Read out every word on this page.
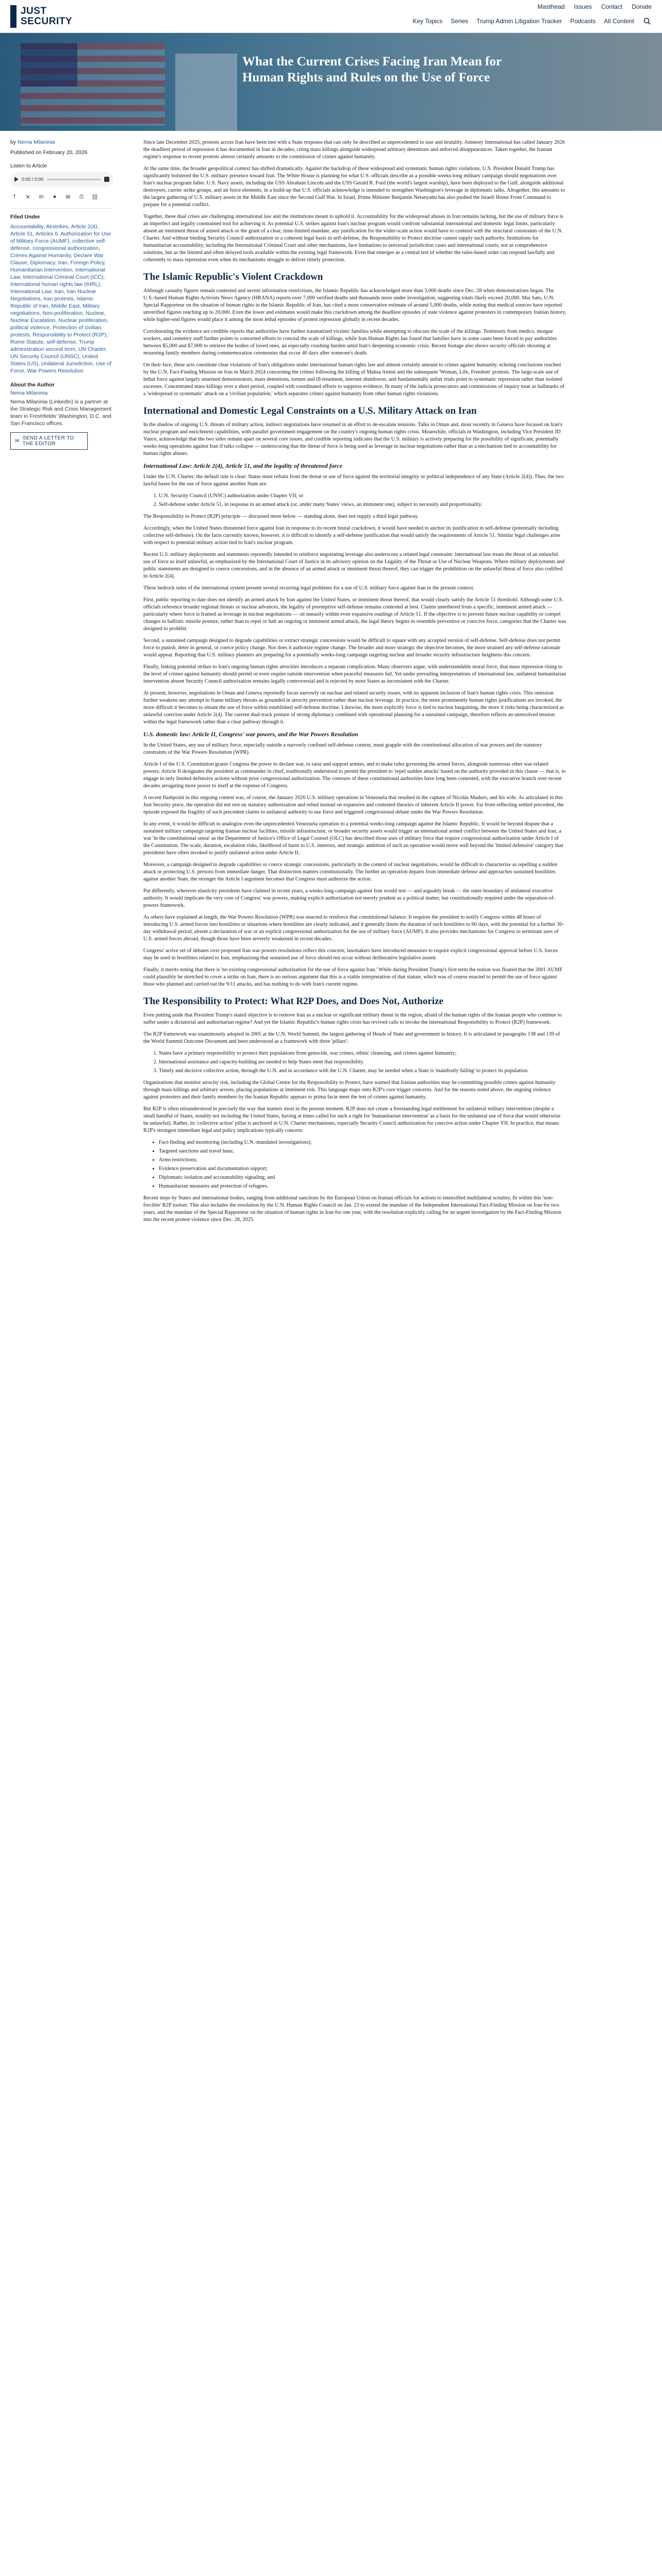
JUST SECURITY
Masthead Issues Contact Donate
Key Topics Series Trump Admin Litigation Tracker Podcasts All Content
What the Current Crises Facing Iran Mean for Human Rights and Rules on the Use of Force
by Nema Milaninia
Published on February 20, 2026
Listen to Article
0:00 / 0:00
f	✕	in	●	✉	⎙	⛓
Filed Under
Accountability, Airstrikes, Article 2(4), Article 51, Articles 6, Authorization for Use of Military Force (AUMF), collective self-defense, congressional authorization, Crimes Against Humanity, Declare War Clause, Diplomacy, Iran, Foreign Policy, Humanitarian Intervention, International Law, International Criminal Court (ICC), International human rights law (IHRL), International Law, Iran, Iran Nuclear Negotiations, Iran protests, Islamic Republic of Iran, Middle East, Military negotiations, Non-proliferation, Nuclear, Nuclear Escalation, Nuclear proliferation, political violence, Protection of civilian, protests, Responsibility to Protect (R2P), Rome Statute, self-defense, Trump administration second term, UN Charter, UN Security Council (UNSC), United States (US), Unilateral Jurisdiction, Use of Force, War Powers Resolution
About the Author
Nema Milaninia
Nema Milaninia (LinkedIn) is a partner at the Strategic Risk and Crisis Management team in Freshfields' Washington, D.C. and San Francisco offices.
✉ SEND A LETTER TO THE EDITOR

Since late December 2025, protests across Iran have been met with a State response that can only be described as unprecedented in size and brutality. Amnesty International has called January 2026 the deadliest period of repression it has documented in Iran in decades, citing mass killings alongside widespread arbitrary detentions and enforced disappearances. Taken together, the Iranian regime's response to recent protests almost certainly amounts to the commission of crimes against humanity.

At the same time, the broader geopolitical context has shifted dramatically. Against the backdrop of these widespread and systematic human rights violations, U.S. President Donald Trump has significantly bolstered the U.S. military presence toward Iran. The White House is planning for what U.S. officials describe as a possible weeks-long military campaign should negotiations over Iran's nuclear program falter. U.S. Navy assets, including the USS Abraham Lincoln and the USS Gerald R. Ford (the world's largest warship), have been deployed to the Gulf, alongside additional destroyers, carrier strike groups, and air force elements, in a build-up that U.S. officials acknowledge is intended to strengthen Washington's leverage in diplomatic talks. Altogether, this amounts to the largest gathering of U.S. military assets in the Middle East since the Second Gulf War. In Israel, Prime Minister Benjamin Netanyahu has also pushed the Israeli Home Front Command to prepare for a potential conflict.

Together, these dual crises are challenging international law and the institutions meant to uphold it. Accountability for the widespread abuses in Iran remains lacking, but the use of military force is an imperfect and legally constrained tool for achieving it. As potential U.S. strikes against Iran's nuclear program would confront substantial international and domestic legal limits, particularly absent an imminent threat of armed attack or the grant of a clear, time-limited mandate, any justification for the wider-scale action would have to contend with the structural constraints of the U.N. Charter. And without binding Security Council authorization or a coherent legal basis in self-defense, the Responsibility to Protect doctrine cannot supply such authority. Institutions for humanitarian accountability, including the International Criminal Court and other mechanisms, face limitations to universal jurisdiction cases and international courts, not as comprehensive solutions, but as the limited and often delayed tools available within the existing legal framework. Even that emerges as a central test of whether the rules-based order can respond lawfully and coherently to mass repression even when its mechanisms struggle to deliver timely protection.

The Islamic Republic's Violent Crackdown

Although casualty figures remain contested and severe information restrictions, the Islamic Republic has acknowledged more than 3,000 deaths since Dec. 28 when demonstrations began. The U.S.-based Human Rights Activists News Agency (HRANA) reports over 7,000 verified deaths and thousands more under investigation, suggesting totals likely exceed 20,000. Mai Sato, U.N. Special Rapporteur on the situation of human rights in the Islamic Republic of Iran, has cited a more conservative estimate of around 5,000 deaths, while noting that medical sources have reported unverified figures reaching up to 20,000. Even the lower and estimates would make this crackdown among the deadliest episodes of state violence against protesters in contemporary Iranian history, while higher-end figures would place it among the most lethal episodes of protest repression globally in recent decades.

Corroborating the evidence are credible reports that authorities have further traumatized victims' families while attempting to obscure the scale of the killings. Testimony from medics, morgue workers, and cemetery staff further points to concerted efforts to conceal the scale of killings, while Iran Human Rights has found that families have in some cases been forced to pay authorities between $5,000 and $7,000 to retrieve the bodies of loved ones, an especially crushing burden amid Iran's deepening economic crisis. Recent footage also shows security officials shooting at mourning family members during commemoration ceremonies that occur 40 days after someone's death.

On their face, these acts constitute clear violations of Iran's obligations under international human rights law and almost certainly amount to crimes against humanity, echoing conclusions reached by the U.N. Fact-Finding Mission on Iran in March 2024 concerning the crimes following the killing of Mahsa Amini and the subsequent 'Woman, Life, Freedom' protests. The large-scale use of lethal force against largely unarmed demonstrators, mass detentions, torture and ill-treatment, internet shutdowns, and fundamentally unfair trials point to systematic repression rather than isolated excesses. Concentrated mass killings over a short period, coupled with coordinated efforts to suppress evidence, fit many of the indicia prosecutors and commissions of inquiry treat as hallmarks of a 'widespread or systematic' attack on a 'civilian population,' which separates crimes against humanity from other human rights violations.

International and Domestic Legal Constraints on a U.S. Military Attack on Iran

In the shadow of ongoing U.S. threats of military action, indirect negotiations have resumed in an effort to de-escalate tensions. Talks in Oman and, most recently in Geneva have focused on Iran's nuclear program and enrichment capabilities, with parallel government engagement on the country's ongoing human rights crisis. Meanwhile, officials in Washington, including Vice President JD Vance, acknowledge that the two sides remain apart on several core issues, and credible reporting indicates that the U.S. military is actively preparing for the possibility of significant, potentially weeks-long operations against Iran if talks collapse — underscoring that the threat of force is being used as leverage in nuclear negotiations rather than as a mechanism tied to accountability for human rights abuses.

International Law: Article 2(4), Article 51, and the legality of threatened force

Under the U.N. Charter, the default rule is clear: States must refrain from the threat or use of force against the territorial integrity or political independence of any State (Article 2(4)). Thus, the two lawful bases for the use of force against another State are:

1. U.N. Security Council (UNSC) authorization under Chapter VII; or
2. Self-defense under Article 51, in response to an armed attack (or, under many States' views, an imminent one), subject to necessity and proportionality.

The Responsibility to Protect (R2P) principle — discussed more below — standing alone, does not supply a third legal pathway.

Accordingly, when the United States threatened force against Iran in response to its recent brutal crackdown, it would have needed to anchor its justification in self-defense (potentially including collective self-defense). On the facts currently known, however, it is difficult to identify a self-defense justification that would satisfy the requirements of Article 51. Similar legal challenges arise with respect to potential military action tied to Iran's nuclear program.

Recent U.S. military deployments and statements reportedly intended to reinforce negotiating leverage also underscore a related legal constraint: international law treats the threat of an unlawful use of force as itself unlawful, as emphasized by the International Court of Justice in its advisory opinion on the Legality of the Threat or Use of Nuclear Weapons. Where military deployments and public statements are designed to coerce concessions, and in the absence of an armed attack or imminent threat thereof, they can trigger the prohibition on the unlawful threat of force also codified in Article 2(4).

These bedrock rules of the international system present several recurring legal problems for a use of U.S. military force against Iran in the present context.

First, public reporting to date does not identify an armed attack by Iran against the United States, or imminent threat thereof, that would clearly satisfy the Article 51 threshold. Although some U.S. officials reference broader regional threats or nuclear advances, the legality of preemptive self-defense remains contested at best. Claims untethered from a specific, imminent armed attack — particularly where force is framed as leverage in nuclear negotiations — sit uneasily within even expansive readings of Article 51. If the objective is to prevent future nuclear capability or compel changes in ballistic missile posture, rather than to repel or halt an ongoing or imminent armed attack, the legal theory begins to resemble preventive or coercive force, categories that the Charter was designed to prohibit.

Second, a sustained campaign designed to degrade capabilities or extract strategic concessions would be difficult to square with any accepted version of self-defense. Self-defense does not permit force to punish, deter in general, or coerce policy change. Nor does it authorize regime change. The broader and more strategic the objective becomes, the more strained any self-defense rationale would appear. Reporting that U.S. military planners are preparing for a potentially weeks-long campaign targeting nuclear and broader security infrastructure heightens this concern.

Finally, linking potential strikes to Iran's ongoing human rights atrocities introduces a separate complication. Many observers argue, with understandable moral force, that mass repression rising to the level of crimes against humanity should permit or even require outside intervention when peaceful measures fail. Yet under prevailing interpretations of international law, unilateral humanitarian intervention absent Security Council authorization remains legally controversial and is rejected by most States as inconsistent with the Charter.

At present, however, negotiations in Oman and Geneva reportedly focus narrowly on nuclear and related security issues, with no apparent inclusion of Iran's human rights crisis. This omission further weakens any attempt to frame military threats as grounded in atrocity prevention rather than nuclear leverage. In practice, the more prominently human rights justifications are invoked, the more difficult it becomes to situate the use of force within established self-defense doctrine. Likewise, the more explicitly force is tied to nuclear bargaining, the more it risks being characterized as unlawful coercion under Article 2(4). The current dual-track posture of strong diplomacy combined with operational planning for a sustained campaign, therefore reflects an unresolved tension within the legal framework rather than a clear pathway through it.

U.S. domestic law: Article II, Congress' war powers, and the War Powers Resolution

In the United States, any use of military force, especially outside a narrowly confined self-defense context, must grapple with the constitutional allocation of war powers and the statutory constraints of the War Powers Resolution (WPR).

Article I of the U.S. Constitution grants Congress the power to declare war, to raise and support armies, and to make rules governing the armed forces, alongside numerous other war-related powers. Article II designates the president as commander in chief, traditionally understood to permit the president to 'repel sudden attacks' based on the authority provided in this clause — that is, to engage in only limited defensive actions without prior congressional authorization. The contours of these constitutional authorities have long been contested, with the executive branch over recent decades arrogating more power to itself at the expense of Congress.

A recent flashpoint in this ongoing contest was, of course, the January 2026 U.S. military operations in Venezuela that resulted in the capture of Nicolás Maduro, and his wife. As articulated in this Just Security piece, the operation did not rest on statutory authorization and relied instead on expansive and contested theories of inherent Article II power. Far from reflecting settled precedent, the episode exposed the fragility of such precedent claims to unilateral authority to use force and triggered congressional debate under the War Powers Resolution.

In any event, it would be difficult to analogize even the unprecedented Venezuela operation to a potential weeks-long campaign against the Islamic Republic. It would be beyond dispute that a sustained military campaign targeting Iranian nuclear facilities, missile infrastructure, or broader security assets would trigger an international armed conflict between the United States and Iran, a war 'in the constitutional sense' as the Department of Justice's Office of Legal Counsel (OLC) has described those uses of military force that require congressional authorization under Article I of the Constitution. The scale, duration, escalation risks, likelihood of harm to U.S. interests, and strategic ambition of such an operation would move well beyond the 'limited defensive' category that presidents have often invoked to justify unilateral action under Article II.

Moreover, a campaign designed to degrade capabilities or coerce strategic concessions, particularly in the context of nuclear negotiations, would be difficult to characterize as repelling a sudden attack or protecting U.S. persons from immediate danger. That distinction matters constitutionally. The further an operation departs from immediate defense and approaches sustained hostilities against another State, the stronger the Article I argument becomes that Congress must authorize the action.

Put differently, wherever elasticity presidents have claimed in recent years, a weeks-long campaign against Iran would test — and arguably break — the outer boundary of unilateral executive authority. It would implicate the very core of Congress' war powers, making explicit authorization not merely prudent as a political matter, but constitutionally required under the separation-of-powers framework.

As others have explained at length, the War Powers Resolution (WPR) was enacted to reinforce that constitutional balance. It requires the president to notify Congress within 48 hours of introducing U.S. armed forces into hostilities or situations where hostilities are clearly indicated, and it generally limits the duration of such hostilities to 60 days, with the potential for a further 30-day withdrawal period, absent a declaration of war or an explicit congressional authorization for the use of military force (AUMF). It also provides mechanisms for Congress to terminate uses of U.S. armed forces abroad, though those have been severely weakened in recent decades.

Congress' active set of debates over proposed Iran war powers resolutions reflect this concern; lawmakers have introduced measures to require explicit congressional approval before U.S. forces may be used in hostilities related to Iran, emphasizing that sustained use of force should not occur without deliberative legislative assent.

Finally, it merits noting that there is 'no existing congressional authorization for the use of force against Iran.' While during President Trump's first term the notion was floated that the 2001 AUMF could plausibly be stretched to cover a strike on Iran, there is no serious argument that this is a viable interpretation of that statute, which was of course enacted to permit the use of force against those who planned and carried out the 9/11 attacks, and has nothing to do with Iran's current regime.

The Responsibility to Protect: What R2P Does, and Does Not, Authorize

Even putting aside that President Trump's stated objective is to remove Iran as a nuclear or significant military threat in the region, afraid of the human rights of the Iranian people who continue to suffer under a dictatorial and authoritarian regime? And yet the Islamic Republic's human rights crisis has revived calls to invoke the international Responsibility to Protect (R2P) framework.

The R2P framework was unanimously adopted in 2005 at the U.N. World Summit, the largest gathering of Heads of State and government in history. It is articulated in paragraphs 138 and 139 of the World Summit Outcome Document and been understood as a framework with three 'pillars':

1. States have a primary responsibility to protect their populations from genocide, war crimes, ethnic cleansing, and crimes against humanity;
2. International assistance and capacity-building are needed to help States meet that responsibility.
3. Timely and decisive collective action, through the U.N. and in accordance with the U.N. Charter, may be needed when a State is 'manifestly failing' to protect its population.

Organizations that monitor atrocity risk, including the Global Centre for the Responsibility to Protect, have warned that Iranian authorities may be committing possible crimes against humanity through mass killings and arbitrary arrests, placing populations at imminent risk. This language maps onto R2P's core trigger concerns. And for the reasons noted above, the ongoing violence against protesters and their family members by the Iranian Republic appears to prima facie meet the test of crimes against humanity.

But R2P is often misunderstood in precisely the way that matters most in the present moment. R2P does not create a freestanding legal entitlement for unilateral military intervention (despite a small handful of States, notably not including the United States, having at times called for such a right for 'humanitarian intervention' as a basis for the unilateral use of force that would otherwise be unlawful). Rather, its 'collective action' pillar is anchored in U.N. Charter mechanisms, especially Security Council authorization for coercive action under Chapter VII. In practice, that means R2P's strongest immediate legal and policy implications typically concern:

• Fact-finding and monitoring (including U.N.-mandated investigations);
• Targeted sanctions and travel bans;
• Arms restrictions;
• Evidence preservation and documentation support;
• Diplomatic isolation and accountability signaling; and
• Humanitarian measures and protection of refugees.

Recent steps by States and international bodies, ranging from additional sanctions by the European Union on Iranian officials for actions to intensified multilateral scrutiny, fit within this 'non-forcible' R2P toolset. This also includes the resolution by the U.N. Human Rights Council on Jan. 23 to extend the mandate of the Independent International Fact-Finding Mission on Iran for two years, and the mandate of the Special Rapporteur on the situation of human rights in Iran for one year, with the resolution explicitly calling for an urgent investigation by the Fact-Finding Mission into the recent protest violence since Dec. 28, 2025.
